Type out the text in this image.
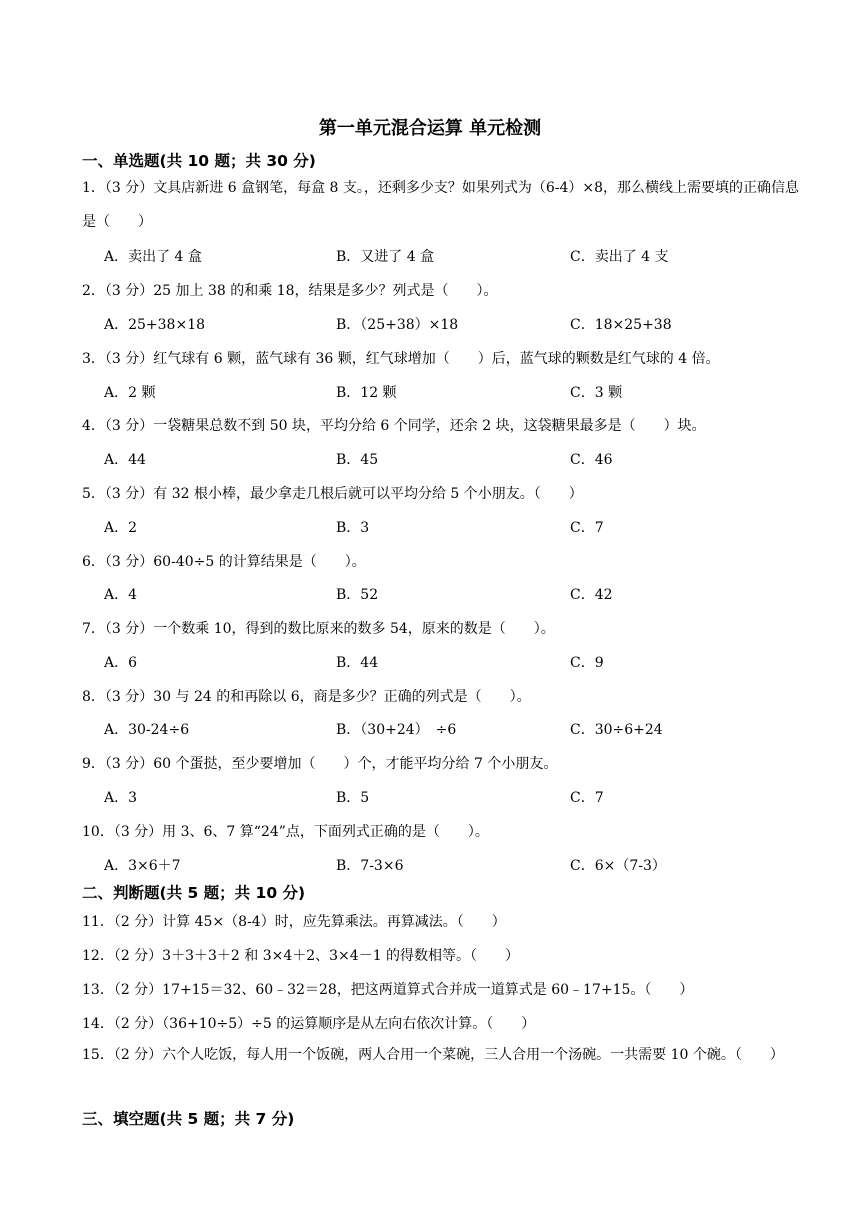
第一单元混合运算 单元检测
一、单选题(共 10 题；共 30 分)
1．（3 分）文具店新进 6 盒钢笔，每盒 8 支。，还剩多少支？如果列式为（6-4）×8，那么横线上需要填的正确信息是（　　）
A．卖出了 4 盒	B．又进了 4 盒	C．卖出了 4 支
2．（3 分）25 加上 38 的和乘 18，结果是多少？列式是（　　）。
A．25+38×18	B．（25+38）×18	C．18×25+38
3．（3 分）红气球有 6 颗，蓝气球有 36 颗，红气球增加（　　）后，蓝气球的颗数是红气球的 4 倍。
A．2 颗	B．12 颗	C．3 颗
4．（3 分）一袋糖果总数不到 50 块，平均分给 6 个同学，还余 2 块，这袋糖果最多是（　　）块。
A．44	B．45	C．46
5．（3 分）有 32 根小棒，最少拿走几根后就可以平均分给 5 个小朋友。（　　）
A．2	B．3	C．7
6．（3 分）60-40÷5 的计算结果是（　　）。
A．4	B．52	C．42
7．（3 分）一个数乘 10，得到的数比原来的数多 54，原来的数是（　　）。
A．6	B．44	C．9
8．（3 分）30 与 24 的和再除以 6，商是多少？正确的列式是（　　）。
A．30-24÷6	B．（30+24）　÷6	C．30÷6+24
9．（3 分）60 个蛋挞，至少要增加（　　）个，才能平均分给 7 个小朋友。
A．3	B．5	C．7
10．（3 分）用 3、6、7 算“24”点，下面列式正确的是（　　）。
A．3×6＋7	B．7-3×6	C．6×（7-3）
二、判断题(共 5 题；共 10 分)
11．（2 分）计算 45×（8-4）时，应先算乘法。再算减法。（　　）
12．（2 分）3＋3＋3＋2 和 3×4＋2、3×4－1 的得数相等。（　　）
13．（2 分）17+15＝32、60﹣32＝28，把这两道算式合并成一道算式是 60﹣17+15。（　　）
14．（2 分）（36+10÷5）÷5 的运算顺序是从左向右依次计算。（　　）
15．（2 分）六个人吃饭，每人用一个饭碗，两人合用一个菜碗，三人合用一个汤碗。一共需要 10 个碗。（　　）
三、填空题(共 5 题；共 7 分)
